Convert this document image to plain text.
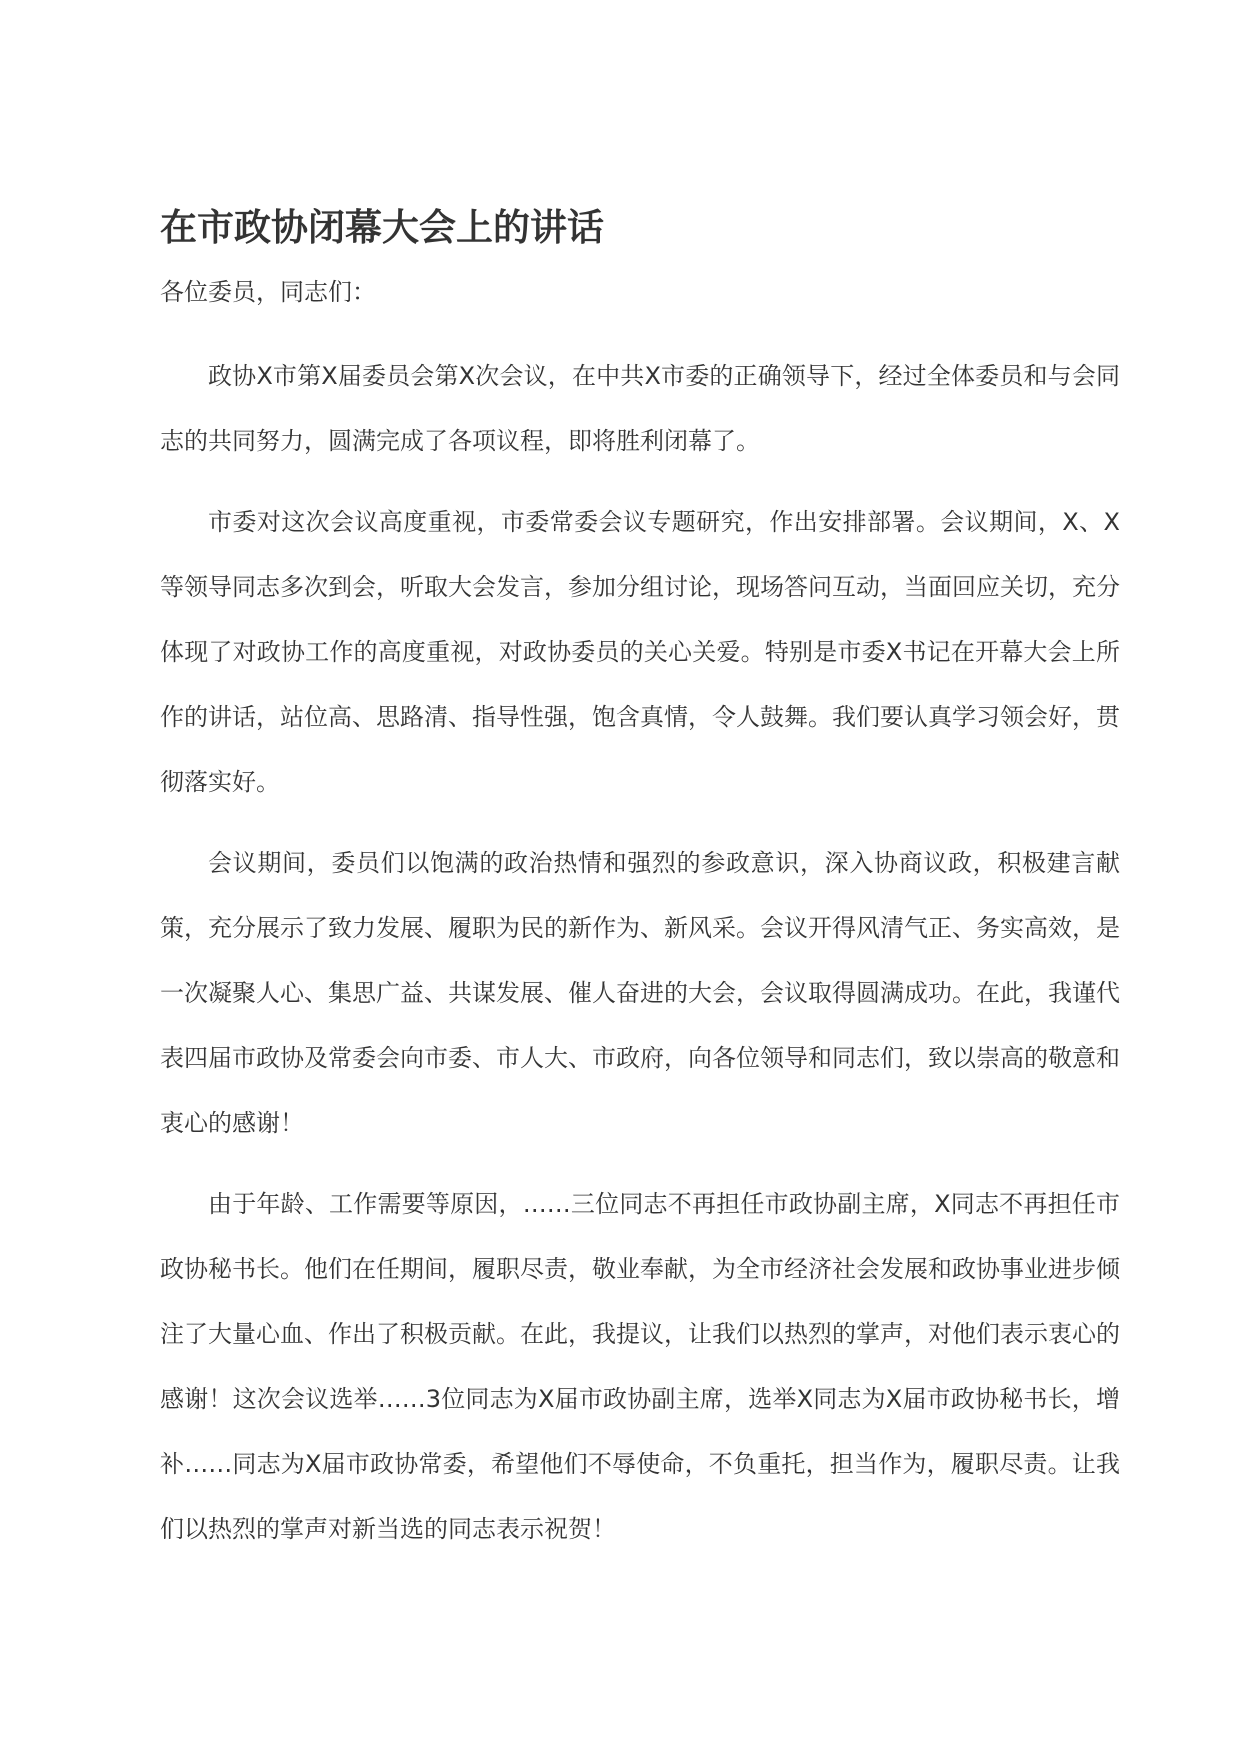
在市政协闭幕大会上的讲话
各位委员，同志们：

政协X市第X届委员会第X次会议，在中共X市委的正确领导下，经过全体委员和与会同志的共同努力，圆满完成了各项议程，即将胜利闭幕了。

市委对这次会议高度重视，市委常委会议专题研究，作出安排部署。会议期间，X、X等领导同志多次到会，听取大会发言，参加分组讨论，现场答问互动，当面回应关切，充分体现了对政协工作的高度重视，对政协委员的关心关爱。特别是市委X书记在开幕大会上所作的讲话，站位高、思路清、指导性强，饱含真情，令人鼓舞。我们要认真学习领会好，贯彻落实好。

会议期间，委员们以饱满的政治热情和强烈的参政意识，深入协商议政，积极建言献策，充分展示了致力发展、履职为民的新作为、新风采。会议开得风清气正、务实高效，是一次凝聚人心、集思广益、共谋发展、催人奋进的大会，会议取得圆满成功。在此，我谨代表四届市政协及常委会向市委、市人大、市政府，向各位领导和同志们，致以崇高的敬意和衷心的感谢！

由于年龄、工作需要等原因，……三位同志不再担任市政协副主席，X同志不再担任市政协秘书长。他们在任期间，履职尽责，敬业奉献，为全市经济社会发展和政协事业进步倾注了大量心血、作出了积极贡献。在此，我提议，让我们以热烈的掌声，对他们表示衷心的感谢！这次会议选举……3位同志为X届市政协副主席，选举X同志为X届市政协秘书长，增补……同志为X届市政协常委，希望他们不辱使命，不负重托，担当作为，履职尽责。让我们以热烈的掌声对新当选的同志表示祝贺！
